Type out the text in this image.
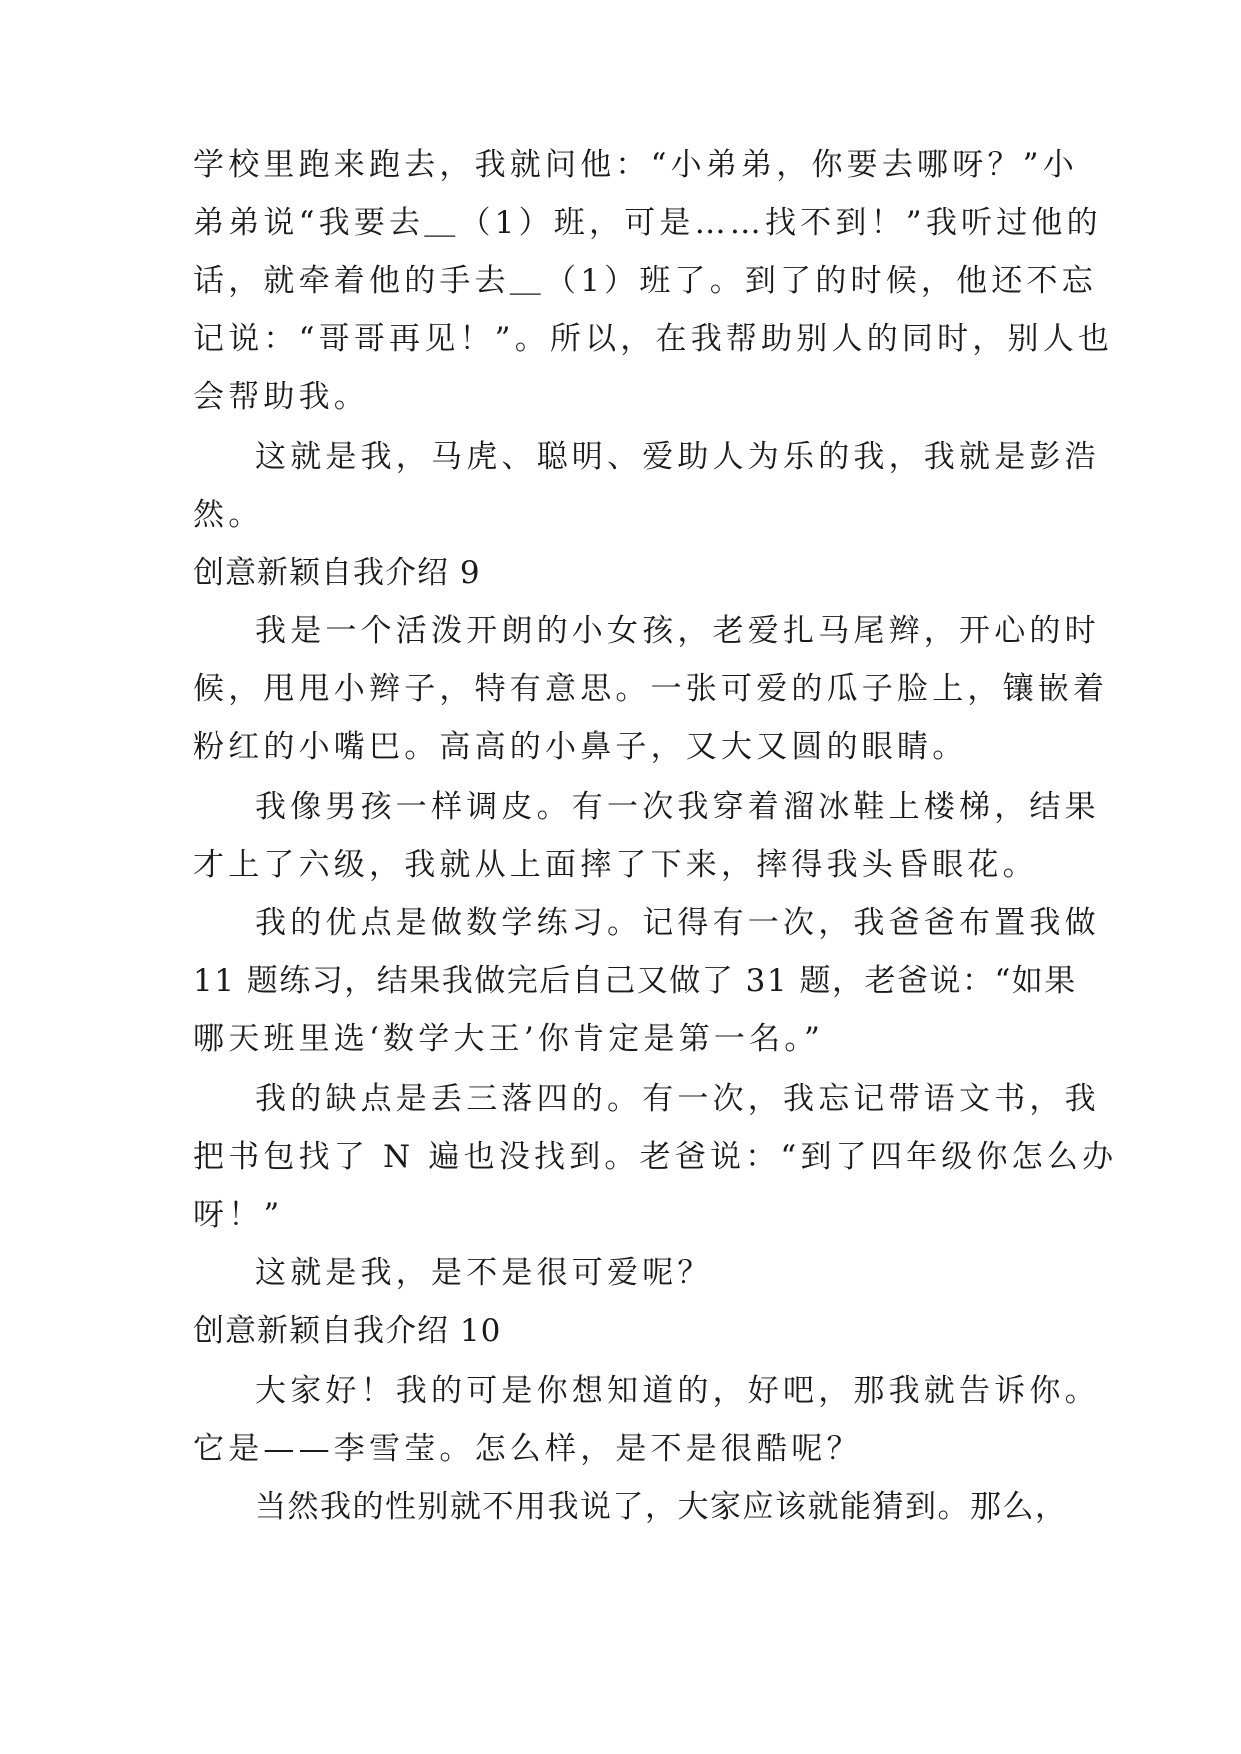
学校里跑来跑去，我就问他：“小弟弟，你要去哪呀？”小
弟弟说“我要去＿（1）班，可是……找不到！”我听过他的
话，就牵着他的手去＿（1）班了。到了的时候，他还不忘
记说：“哥哥再见！”。所以，在我帮助别人的同时，别人也
会帮助我。
这就是我，马虎、聪明、爱助人为乐的我，我就是彭浩
然。
创意新颖自我介绍 9
我是一个活泼开朗的小女孩，老爱扎马尾辫，开心的时
候，甩甩小辫子，特有意思。一张可爱的瓜子脸上，镶嵌着
粉红的小嘴巴。高高的小鼻子，又大又圆的眼睛。
我像男孩一样调皮。有一次我穿着溜冰鞋上楼梯，结果
才上了六级，我就从上面摔了下来，摔得我头昏眼花。
我的优点是做数学练习。记得有一次，我爸爸布置我做
11 题练习，结果我做完后自己又做了 31 题，老爸说：“如果
哪天班里选‘数学大王’你肯定是第一名。”
我的缺点是丢三落四的。有一次，我忘记带语文书，我
把书包找了 N 遍也没找到。老爸说：“到了四年级你怎么办
呀！”
这就是我，是不是很可爱呢？
创意新颖自我介绍 10
大家好！我的可是你想知道的，好吧，那我就告诉你。
它是——李雪莹。怎么样，是不是很酷呢？
当然我的性别就不用我说了，大家应该就能猜到。那么，
